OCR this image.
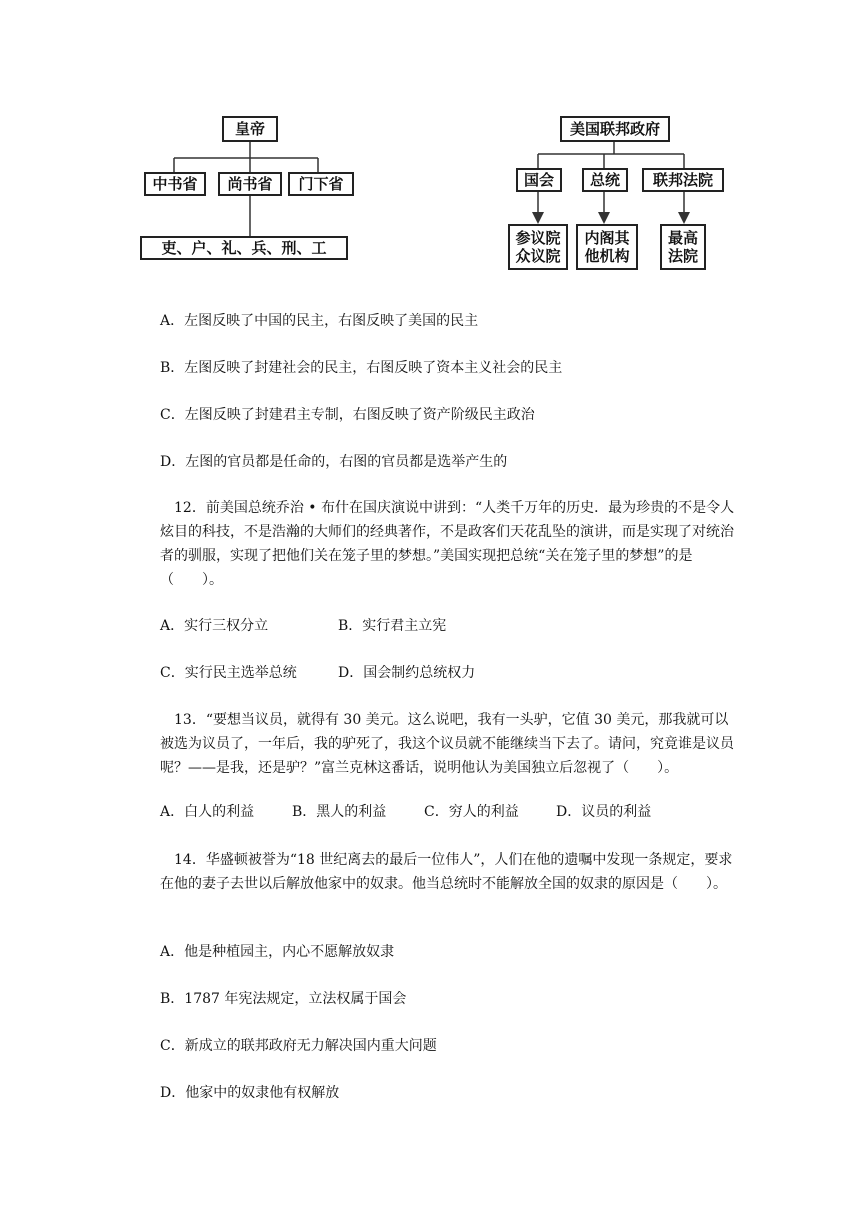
皇帝
中书省	尚书省	门下省
吏、户、礼、兵、刑、工
美国联邦政府
国会	总统	联邦法院
参议院
众议院
内阁其
他机构
最高
法院
A．左图反映了中国的民主，右图反映了美国的民主
B．左图反映了封建社会的民主，右图反映了资本主义社会的民主
C．左图反映了封建君主专制，右图反映了资产阶级民主政治
D．左图的官员都是任命的，右图的官员都是选举产生的

12．前美国总统乔治 • 布什在国庆演说中讲到：“人类千万年的历史．最为珍贵的不是令人炫目的科技，不是浩瀚的大师们的经典著作，不是政客们天花乱坠的演讲，而是实现了对统治者的驯服，实现了把他们关在笼子里的梦想。”美国实现把总统“关在笼子里的梦想”的是（　　）。

A．实行三权分立	B．实行君主立宪
C．实行民主选举总统	D．国会制约总统权力

13．“要想当议员，就得有 30 美元。这么说吧，我有一头驴，它值 30 美元，那我就可以被选为议员了，一年后，我的驴死了，我这个议员就不能继续当下去了。请问，究竟谁是议员呢？——是我，还是驴？”富兰克林这番话，说明他认为美国独立后忽视了（　　）。

A．白人的利益	B．黑人的利益	C．穷人的利益	D．议员的利益

14．华盛顿被誉为“18 世纪离去的最后一位伟人”，人们在他的遗嘱中发现一条规定，要求在他的妻子去世以后解放他家中的奴隶。他当总统时不能解放全国的奴隶的原因是（　　）。

A．他是种植园主，内心不愿解放奴隶
B．1787 年宪法规定，立法权属于国会
C．新成立的联邦政府无力解决国内重大问题
D．他家中的奴隶他有权解放
